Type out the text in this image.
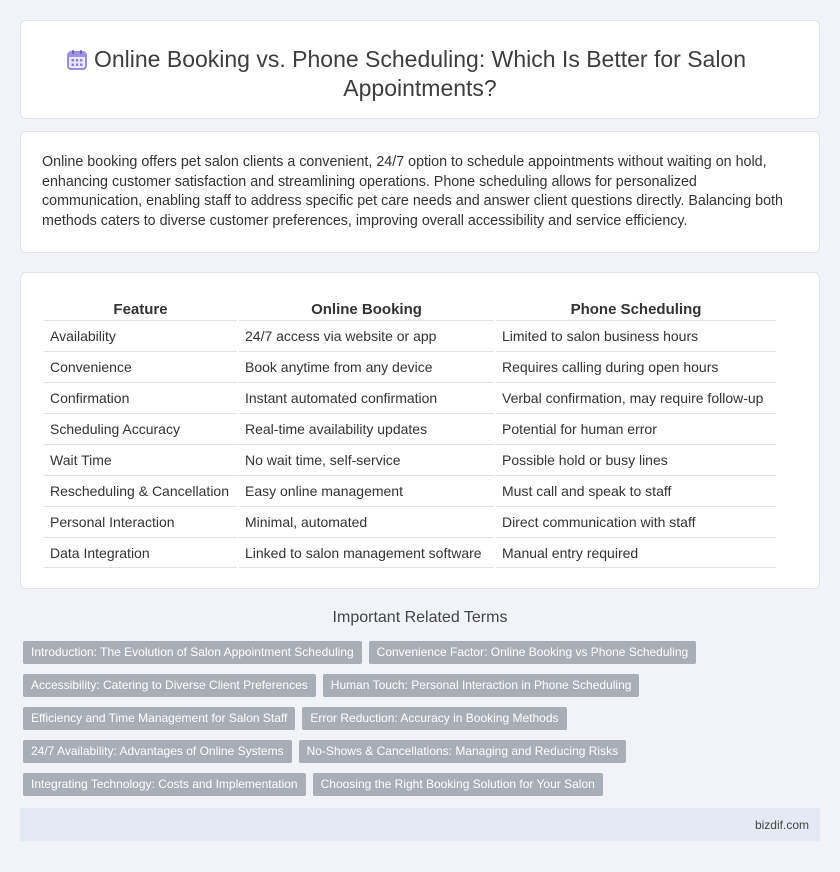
Online Booking vs. Phone Scheduling: Which Is Better for Salon Appointments?

Online booking offers pet salon clients a convenient, 24/7 option to schedule appointments without waiting on hold, enhancing customer satisfaction and streamlining operations. Phone scheduling allows for personalized communication, enabling staff to address specific pet care needs and answer client questions directly. Balancing both methods caters to diverse customer preferences, improving overall accessibility and service efficiency.

Feature	Online Booking	Phone Scheduling
Availability	24/7 access via website or app	Limited to salon business hours
Convenience	Book anytime from any device	Requires calling during open hours
Confirmation	Instant automated confirmation	Verbal confirmation, may require follow-up
Scheduling Accuracy	Real-time availability updates	Potential for human error
Wait Time	No wait time, self-service	Possible hold or busy lines
Rescheduling & Cancellation	Easy online management	Must call and speak to staff
Personal Interaction	Minimal, automated	Direct communication with staff
Data Integration	Linked to salon management software	Manual entry required
Important Related Terms
Introduction: The Evolution of Salon Appointment Scheduling	Convenience Factor: Online Booking vs Phone Scheduling
Accessibility: Catering to Diverse Client Preferences	Human Touch: Personal Interaction in Phone Scheduling
Efficiency and Time Management for Salon Staff	Error Reduction: Accuracy in Booking Methods
24/7 Availability: Advantages of Online Systems	No-Shows & Cancellations: Managing and Reducing Risks
Integrating Technology: Costs and Implementation	Choosing the Right Booking Solution for Your Salon
bizdif.com
